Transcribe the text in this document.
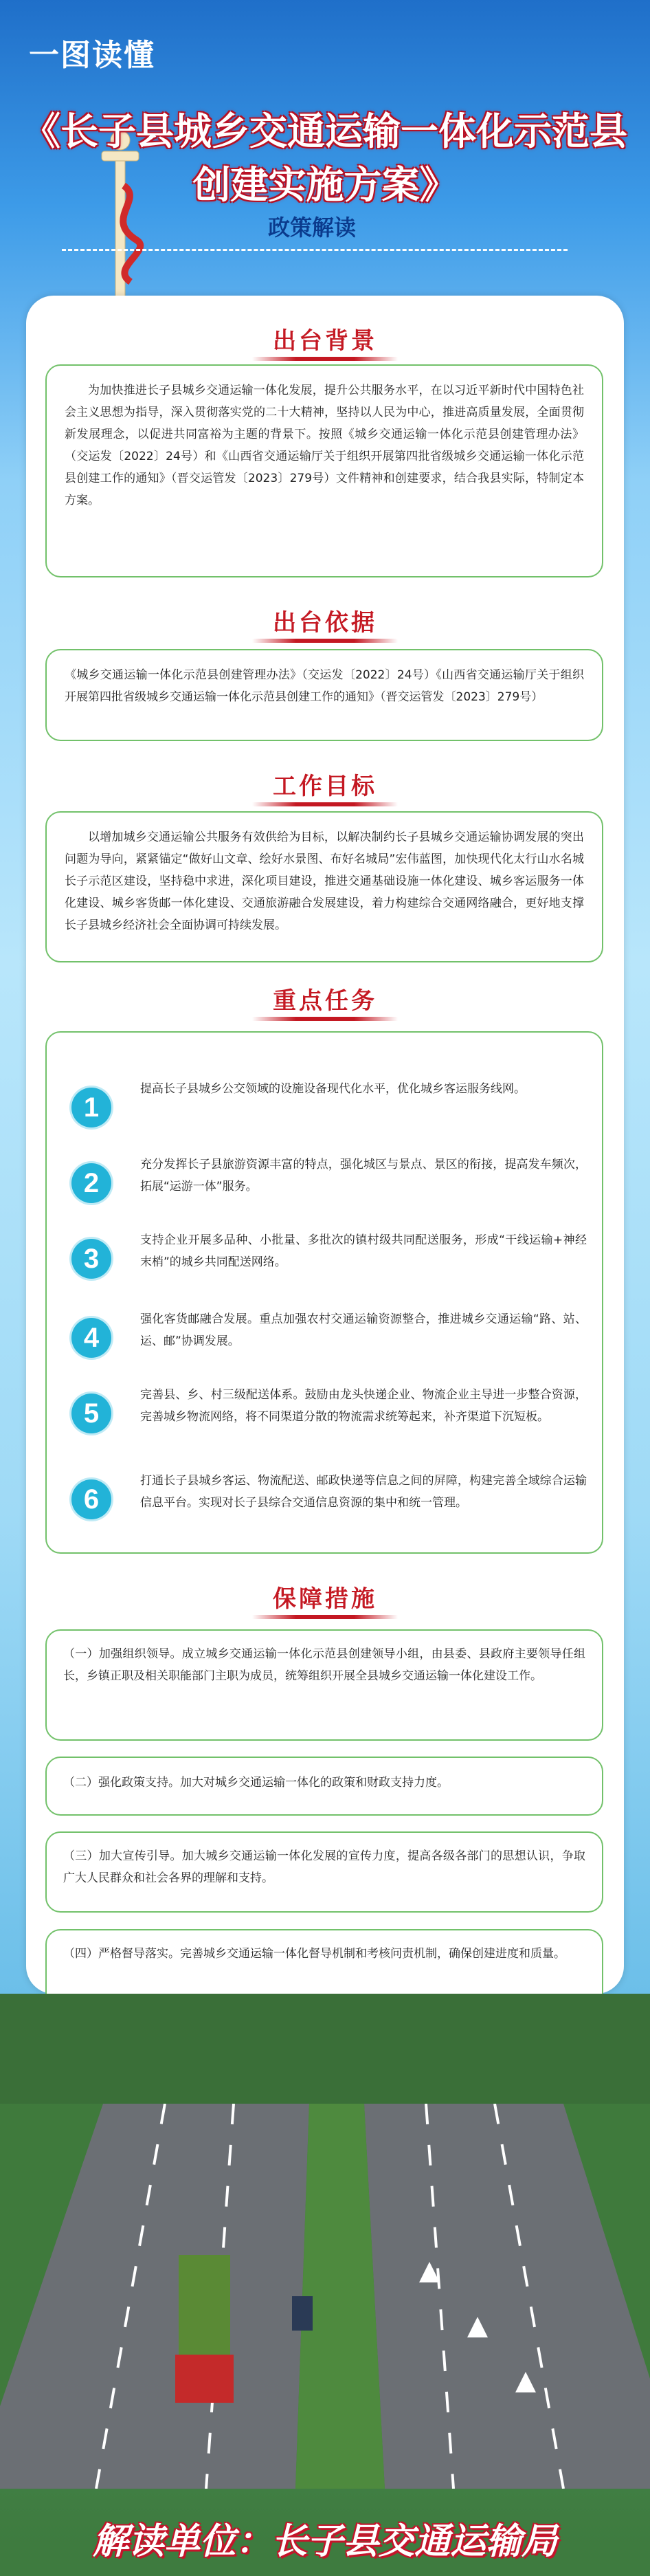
一图读懂
《长子县城乡交通运输一体化示范县
创建实施方案》
政策解读
出台背景

为加快推进长子县城乡交通运输一体化发展，提升公共服务水平，在以习近平新时代中国特色社会主义思想为指导，深入贯彻落实党的二十大精神，坚持以人民为中心，推进高质量发展，全面贯彻新发展理念，以促进共同富裕为主题的背景下。按照《城乡交通运输一体化示范县创建管理办法》（交运发〔2022〕24号）和《山西省交通运输厅关于组织开展第四批省级城乡交通运输一体化示范县创建工作的通知》（晋交运管发〔2023〕279号）文件精神和创建要求，结合我县实际，特制定本方案。

出台依据

《城乡交通运输一体化示范县创建管理办法》（交运发〔2022〕24号）《山西省交通运输厅关于组织开展第四批省级城乡交通运输一体化示范县创建工作的通知》（晋交运管发〔2023〕279号）

工作目标

以增加城乡交通运输公共服务有效供给为目标，以解决制约长子县城乡交通运输协调发展的突出问题为导向，紧紧锚定“做好山文章、绘好水景图、布好名城局”宏伟蓝图，加快现代化太行山水名城长子示范区建设，坚持稳中求进，深化项目建设，推进交通基础设施一体化建设、城乡客运服务一体化建设、城乡客货邮一体化建设、交通旅游融合发展建设，着力构建综合交通网络融合，更好地支撑长子县城乡经济社会全面协调可持续发展。

重点任务
1

提高长子县城乡公交领域的设施设备现代化水平，优化城乡客运服务线网。

2

充分发挥长子县旅游资源丰富的特点，强化城区与景点、景区的衔接，提高发车频次，拓展“运游一体”服务。

3

支持企业开展多品种、小批量、多批次的镇村级共同配送服务，形成“干线运输+神经末梢”的城乡共同配送网络。

4

强化客货邮融合发展。重点加强农村交通运输资源整合，推进城乡交通运输“路、站、运、邮”协调发展。

5

完善县、乡、村三级配送体系。鼓励由龙头快递企业、物流企业主导进一步整合资源，完善城乡物流网络，将不同渠道分散的物流需求统筹起来，补齐渠道下沉短板。

6

打通长子县城乡客运、物流配送、邮政快递等信息之间的屏障，构建完善全域综合运输信息平台。实现对长子县综合交通信息资源的集中和统一管理。

保障措施

（一）加强组织领导。成立城乡交通运输一体化示范县创建领导小组，由县委、县政府主要领导任组长，乡镇正职及相关职能部门主职为成员，统筹组织开展全县城乡交通运输一体化建设工作。

（二）强化政策支持。加大对城乡交通运输一体化的政策和财政支持力度。

（三）加大宣传引导。加大城乡交通运输一体化发展的宣传力度，提高各级各部门的思想认识，争取广大人民群众和社会各界的理解和支持。

（四）严格督导落实。完善城乡交通运输一体化督导机制和考核问责机制，确保创建进度和质量。

解读单位：长子县交通运输局
